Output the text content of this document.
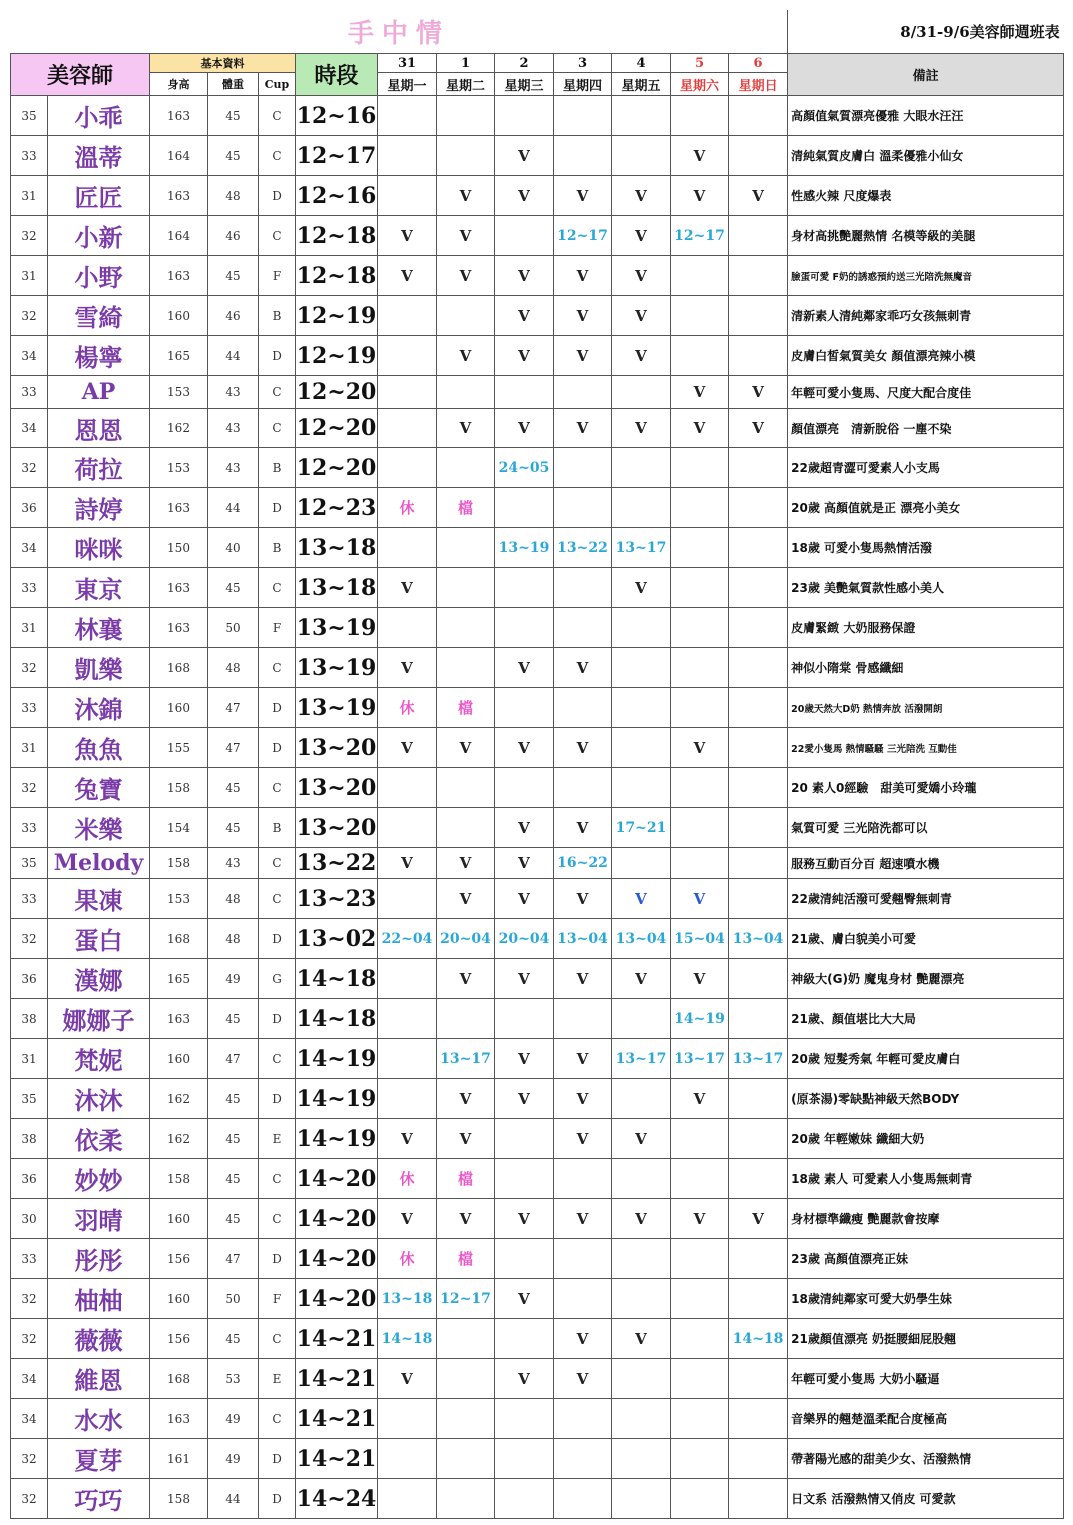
手中情													8/31-9/6美容師週班表
美容師		基本資料			時段	31	1	2	3	4	5	6	備註
		身高	體重	Cup		星期一	星期二	星期三	星期四	星期五	星期六	星期日	
35	小乖	163	45	C	12~16								高顏值氣質漂亮優雅 大眼水汪汪
33	溫蒂	164	45	C	12~17			V			V		清純氣質皮膚白 溫柔優雅小仙女
31	匠匠	163	48	D	12~16		V	V	V	V	V	V	性感火辣 尺度爆表
32	小新	164	46	C	12~18	V	V		12~17	V	12~17		身材高挑艷麗熱情 名模等級的美腿
31	小野	163	45	F	12~18	V	V	V	V	V			臉蛋可愛 F奶的誘惑預約送三光陪洗無魔音
32	雪綺	160	46	B	12~19			V	V	V			清新素人清純鄰家乖巧女孩無刺青
34	楊寧	165	44	D	12~19		V	V	V	V			皮膚白皙氣質美女 顏值漂亮辣小模
33	AP	153	43	C	12~20						V	V	年輕可愛小隻馬、尺度大配合度佳
34	恩恩	162	43	C	12~20		V	V	V	V	V	V	顏值漂亮　清新脫俗 一塵不染
32	荷拉	153	43	B	12~20			24~05					22歲超青澀可愛素人小支馬
36	詩婷	163	44	D	12~23	休	檔						20歲 高顏值就是正 漂亮小美女
34	咪咪	150	40	B	13~18			13~19	13~22	13~17			18歲 可愛小隻馬熱情活潑
33	東京	163	45	C	13~18	V				V			23歲 美艷氣質款性感小美人
31	林襄	163	50	F	13~19								皮膚緊緻 大奶服務保證
32	凱樂	168	48	C	13~19	V		V	V				神似小隋棠 骨感纖細
33	沐錦	160	47	D	13~19	休	檔						20歲天然大D奶 熱情奔放 活潑開朗
31	魚魚	155	47	D	13~20	V	V	V	V		V		22愛小隻馬 熱情騷騷 三光陪洗 互動佳
32	兔寶	158	45	C	13~20								20 素人0經驗　甜美可愛嬌小玲瓏
33	米樂	154	45	B	13~20			V	V	17~21			氣質可愛 三光陪洗都可以
35	Melody	158	43	C	13~22	V	V	V	16~22				服務互動百分百 超速噴水機
33	果凍	153	48	C	13~23		V	V	V	V	V		22歲清純活潑可愛翹臀無刺青
32	蛋白	168	48	D	13~02	22~04	20~04	20~04	13~04	13~04	15~04	13~04	21歲、膚白貌美小可愛
36	漢娜	165	49	G	14~18		V	V	V	V	V		神級大(G)奶 魔鬼身材 艷麗漂亮
38	娜娜子	163	45	D	14~18						14~19		21歲、顏值堪比大大局
31	梵妮	160	47	C	14~19		13~17	V	V	13~17	13~17	13~17	20歲 短髮秀氣 年輕可愛皮膚白
35	沐沐	162	45	D	14~19		V	V	V		V		(原茶湯)零缺點神級天然BODY
38	依柔	162	45	E	14~19	V	V		V	V			20歲 年輕嫩妹 纖細大奶
36	妙妙	158	45	C	14~20	休	檔						18歲 素人 可愛素人小隻馬無刺青
30	羽晴	160	45	C	14~20	V	V	V	V	V	V	V	身材標準纖瘦 艷麗款會按摩
33	彤彤	156	47	D	14~20	休	檔						23歲 高顏值漂亮正妹
32	柚柚	160	50	F	14~20	13~18	12~17	V					18歲清純鄰家可愛大奶學生妹
32	薇薇	156	45	C	14~21	14~18			V	V		14~18	21歲顏值漂亮 奶挺腰細屁股翹
34	維恩	168	53	E	14~21	V		V	V				年輕可愛小隻馬 大奶小騷逼
34	水水	163	49	C	14~21								音樂界的翹楚溫柔配合度極高
32	夏芽	161	49	D	14~21								帶著陽光感的甜美少女、活潑熱情
32	巧巧	158	44	D	14~24								日文系 活潑熱情又俏皮 可愛款
